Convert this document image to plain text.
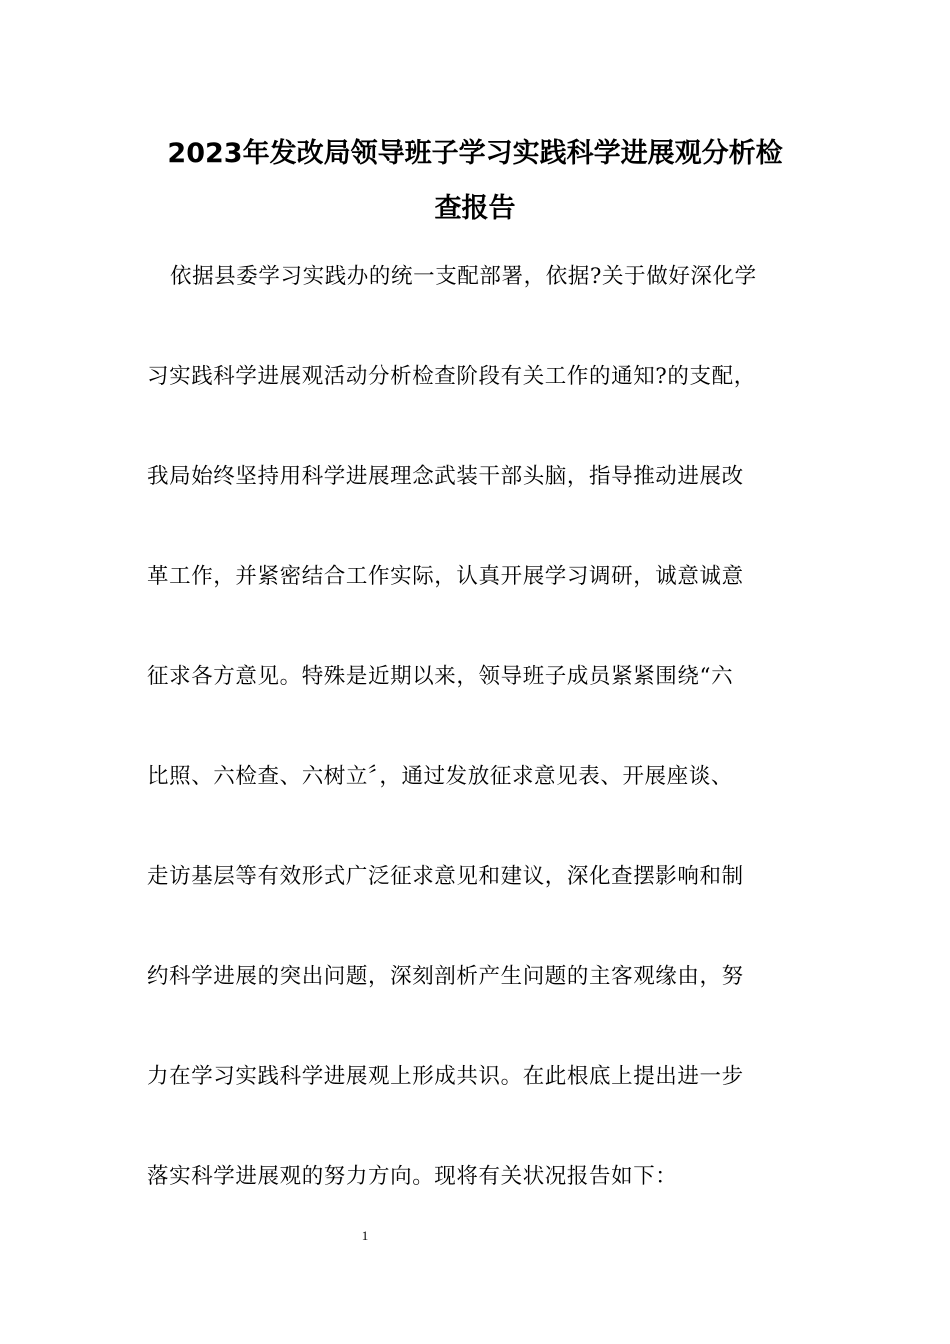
2023年发改局领导班子学习实践科学进展观分析检
查报告
依据县委学习实践办的统一支配部署，依据?关于做好深化学
习实践科学进展观活动分析检查阶段有关工作的通知?的支配，
我局始终坚持用科学进展理念武装干部头脑，指导推动进展改
革工作，并紧密结合工作实际，认真开展学习调研，诚意诚意
征求各方意见。特殊是近期以来，领导班子成员紧紧围绕“六
比照、六检查、六树立〞，通过发放征求意见表、开展座谈、
走访基层等有效形式广泛征求意见和建议，深化查摆影响和制
约科学进展的突出问题，深刻剖析产生问题的主客观缘由，努
力在学习实践科学进展观上形成共识。在此根底上提出进一步
落实科学进展观的努力方向。现将有关状况报告如下：
1
